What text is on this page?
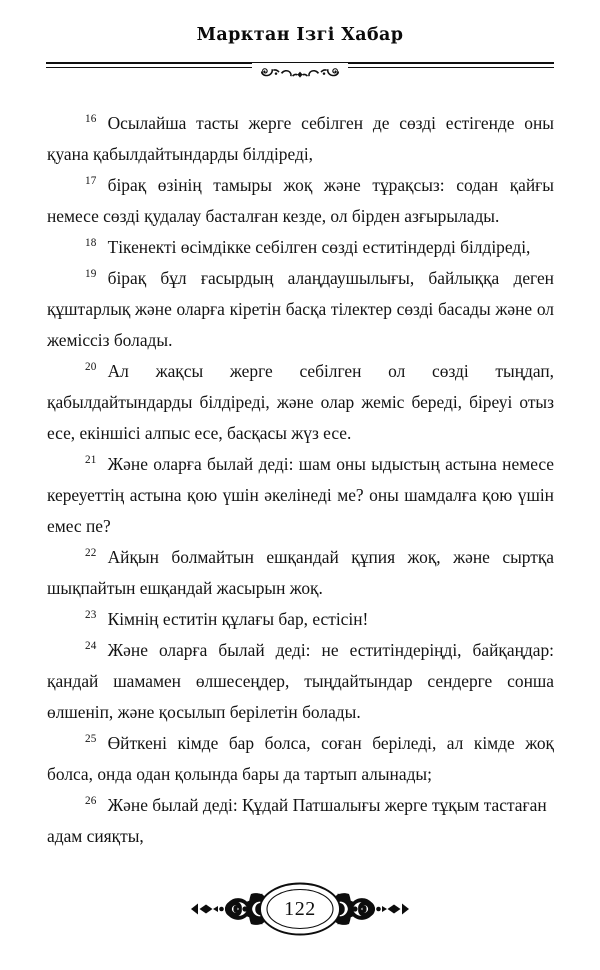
Марктан Ізгі Хабар

$^{16}$ Осылайша тасты жерге себілген де сөзді естігенде оны қуана қабылдайтындарды білдіреді,

$^{17}$ бірақ өзінің тамыры жоқ және тұрақсыз: содан қайғы немесе сөзді қудалау басталған кезде, ол бірден азғырылады.

$^{18}$ Тікенекті өсімдікке себілген сөзді еститіндерді білдіреді,

$^{19}$ бірақ бұл ғасырдың алаңдаушылығы, байлыққа деген құштарлық және оларға кіретін басқа тілектер сөзді басады және ол жеміссіз болады.

$^{20}$ Ал жақсы жерге себілген ол сөзді тыңдап, қабылдайтындарды білдіреді, және олар жеміс береді, біреуі отыз есе, екіншісі алпыс есе, басқасы жүз есе.

$^{21}$ Және оларға былай деді: шам оны ыдыстың астына немесе кереуеттің астына қою үшін әкелінеді ме? оны шамдалға қою үшін емес пе?

$^{22}$ Айқын болмайтын ешқандай құпия жоқ, және сыртқа шықпайтын ешқандай жасырын жоқ.

$^{23}$ Кімнің еститін құлағы бар, естісін!

$^{24}$ Және оларға былай деді: не еститіндеріңді, байқаңдар: қандай шамамен өлшесеңдер, тыңдайтындар сендерге сонша өлшеніп, және қосылып берілетін болады.

$^{25}$ Өйткені кімде бар болса, соған беріледі, ал кімде жоқ болса, онда одан қолында бары да тартып алынады;

$^{26}$ Және былай деді: Құдай Патшалығы жерге тұқым тастаған адам сияқты,

122
